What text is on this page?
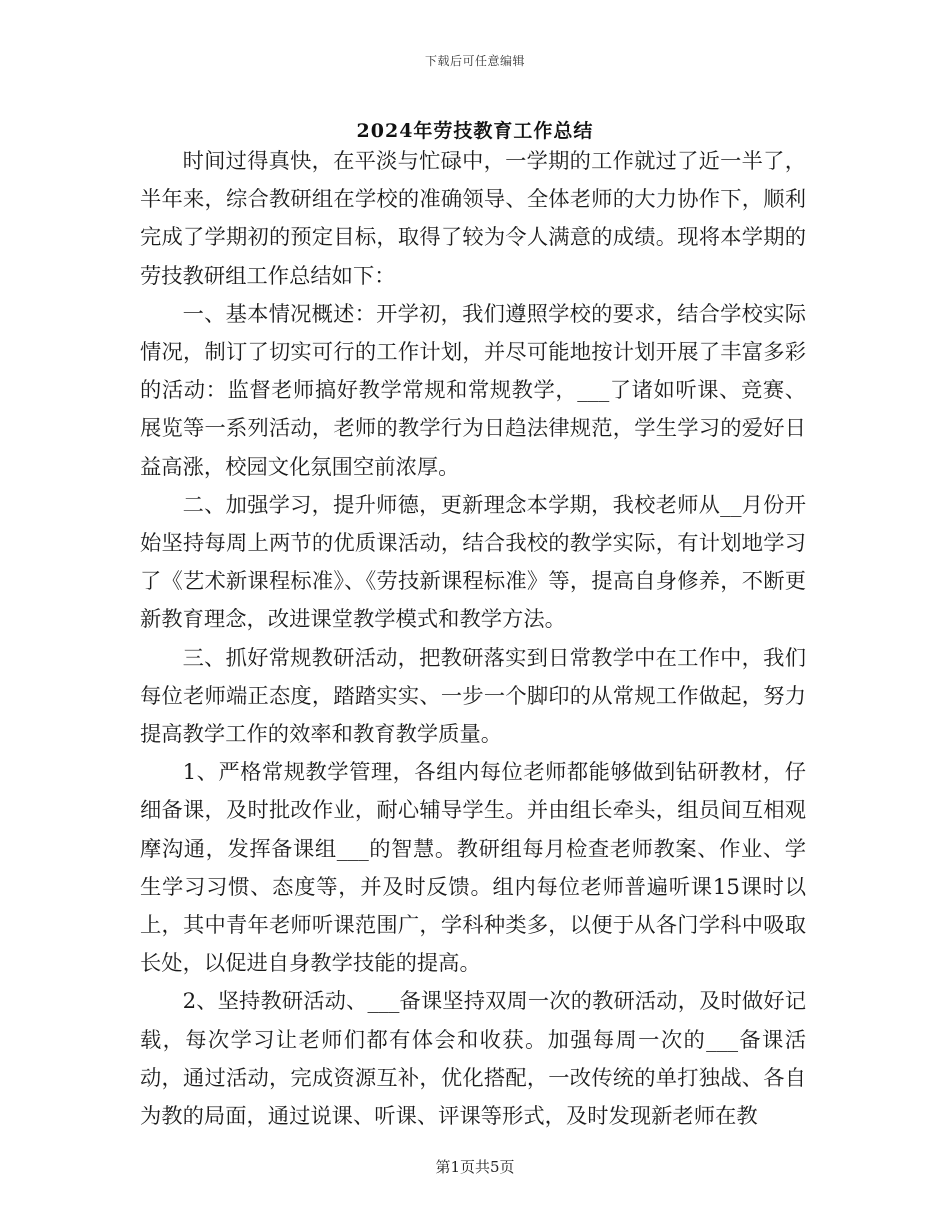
下载后可任意编辑
2024年劳技教育工作总结

时间过得真快，在平淡与忙碌中，一学期的工作就过了近一半了，半年来，综合教研组在学校的准确领导、全体老师的大力协作下，顺利完成了学期初的预定目标，取得了较为令人满意的成绩。现将本学期的劳技教研组工作总结如下：

一、基本情况概述：开学初，我们遵照学校的要求，结合学校实际情况，制订了切实可行的工作计划，并尽可能地按计划开展了丰富多彩的活动：监督老师搞好教学常规和常规教学，___了诸如听课、竞赛、展览等一系列活动，老师的教学行为日趋法律规范，学生学习的爱好日益高涨，校园文化氛围空前浓厚。

二、加强学习，提升师德，更新理念本学期，我校老师从__月份开始坚持每周上两节的优质课活动，结合我校的教学实际，有计划地学习了《艺术新课程标准》、《劳技新课程标准》等，提高自身修养，不断更新教育理念，改进课堂教学模式和教学方法。

三、抓好常规教研活动，把教研落实到日常教学中在工作中，我们每位老师端正态度，踏踏实实、一步一个脚印的从常规工作做起，努力提高教学工作的效率和教育教学质量。

1、严格常规教学管理，各组内每位老师都能够做到钻研教材，仔细备课，及时批改作业，耐心辅导学生。并由组长牵头，组员间互相观摩沟通，发挥备课组___的智慧。教研组每月检查老师教案、作业、学生学习习惯、态度等，并及时反馈。组内每位老师普遍听课15课时以上，其中青年老师听课范围广，学科种类多，以便于从各门学科中吸取长处，以促进自身教学技能的提高。

2、坚持教研活动、___备课坚持双周一次的教研活动，及时做好记载，每次学习让老师们都有体会和收获。加强每周一次的___备课活动，通过活动，完成资源互补，优化搭配，一改传统的单打独战、各自为教的局面，通过说课、听课、评课等形式，及时发现新老师在教

第1页共5页
